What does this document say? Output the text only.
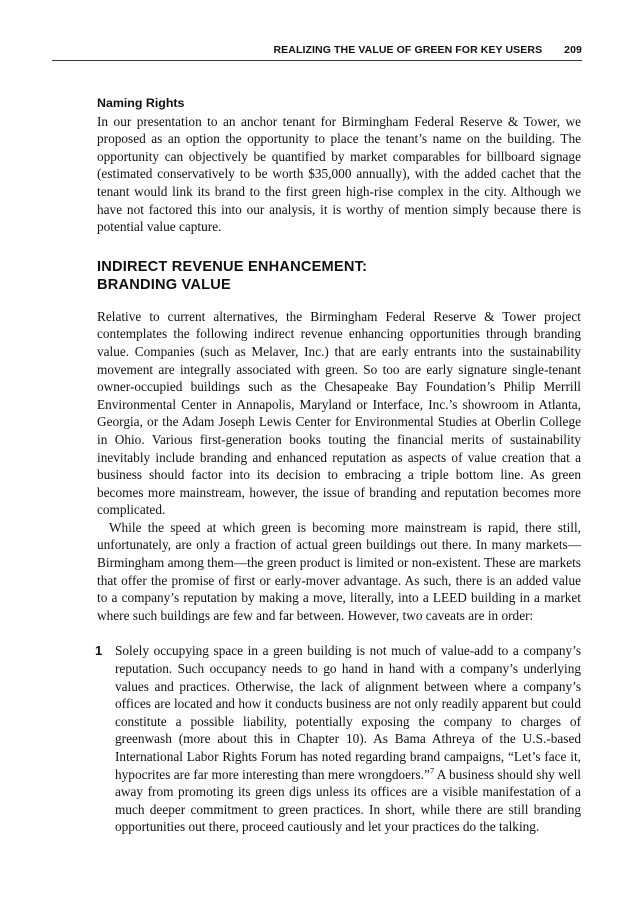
REALIZING THE VALUE OF GREEN FOR KEY USERS 209
Naming Rights

In our presentation to an anchor tenant for Birmingham Federal Reserve & Tower, we proposed as an option the opportunity to place the tenant’s name on the building. The opportunity can objectively be quantified by market comparables for billboard signage (estimated conservatively to be worth $35,000 annually), with the added cachet that the tenant would link its brand to the first green high-rise complex in the city. Although we have not factored this into our analysis, it is worthy of mention simply because there is potential value capture.

INDIRECT REVENUE ENHANCEMENT:
BRANDING VALUE

Relative to current alternatives, the Birmingham Federal Reserve & Tower project contemplates the following indirect revenue enhancing opportunities through branding value. Companies (such as Melaver, Inc.) that are early entrants into the sustainability movement are integrally associated with green. So too are early signature single-tenant owner-occupied buildings such as the Chesapeake Bay Foundation’s Philip Merrill Environmental Center in Annapolis, Maryland or Interface, Inc.’s showroom in Atlanta, Georgia, or the Adam Joseph Lewis Center for Environmental Studies at Oberlin College in Ohio. Various first-generation books touting the financial merits of sustainability inevitably include branding and enhanced reputation as aspects of value creation that a business should factor into its decision to embracing a triple bottom line. As green becomes more mainstream, however, the issue of branding and reputation becomes more complicated.

While the speed at which green is becoming more mainstream is rapid, there still, unfortunately, are only a fraction of actual green buildings out there. In many markets—Birmingham among them—the green product is limited or non-existent. These are markets that offer the promise of first or early-mover advantage. As such, there is an added value to a company’s reputation by making a move, literally, into a LEED building in a market where such buildings are few and far between. However, two caveats are in order:

1 Solely occupying space in a green building is not much of value-add to a company’s reputation. Such occupancy needs to go hand in hand with a company’s underlying values and practices. Otherwise, the lack of alignment between where a company’s offices are located and how it conducts business are not only readily apparent but could constitute a possible liability, potentially exposing the company to charges of greenwash (more about this in Chapter 10). As Bama Athreya of the U.S.-based International Labor Rights Forum has noted regarding brand campaigns, “Let’s face it, hypocrites are far more interesting than mere wrongdoers.”$^7$ A business should shy well away from promoting its green digs unless its offices are a visible manifestation of a much deeper commitment to green practices. In short, while there are still branding opportunities out there, proceed cautiously and let your practices do the talking.
